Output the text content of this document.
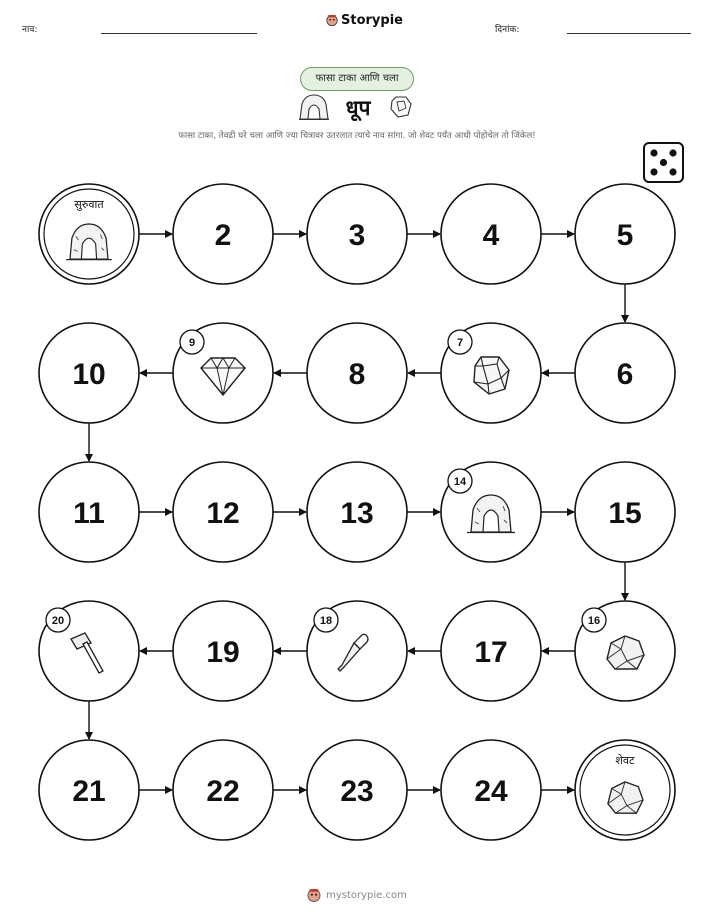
नाव:
Storypie
दिनांक:
फासा टाका आणि चला
धूप
फासा टाका, तेवढी घरे चला आणि ज्या चित्रावर उतरलात त्याचे नाव सांगा. जो शेवट पर्यंत आधी पोहोचेल तो जिंकेल!
सुरुवात
2	3	4	5
6
7
8
9
10
11	12	13
14
15
16
17
18
19
20
21	22	23	24
शेवट
mystorypie.com
